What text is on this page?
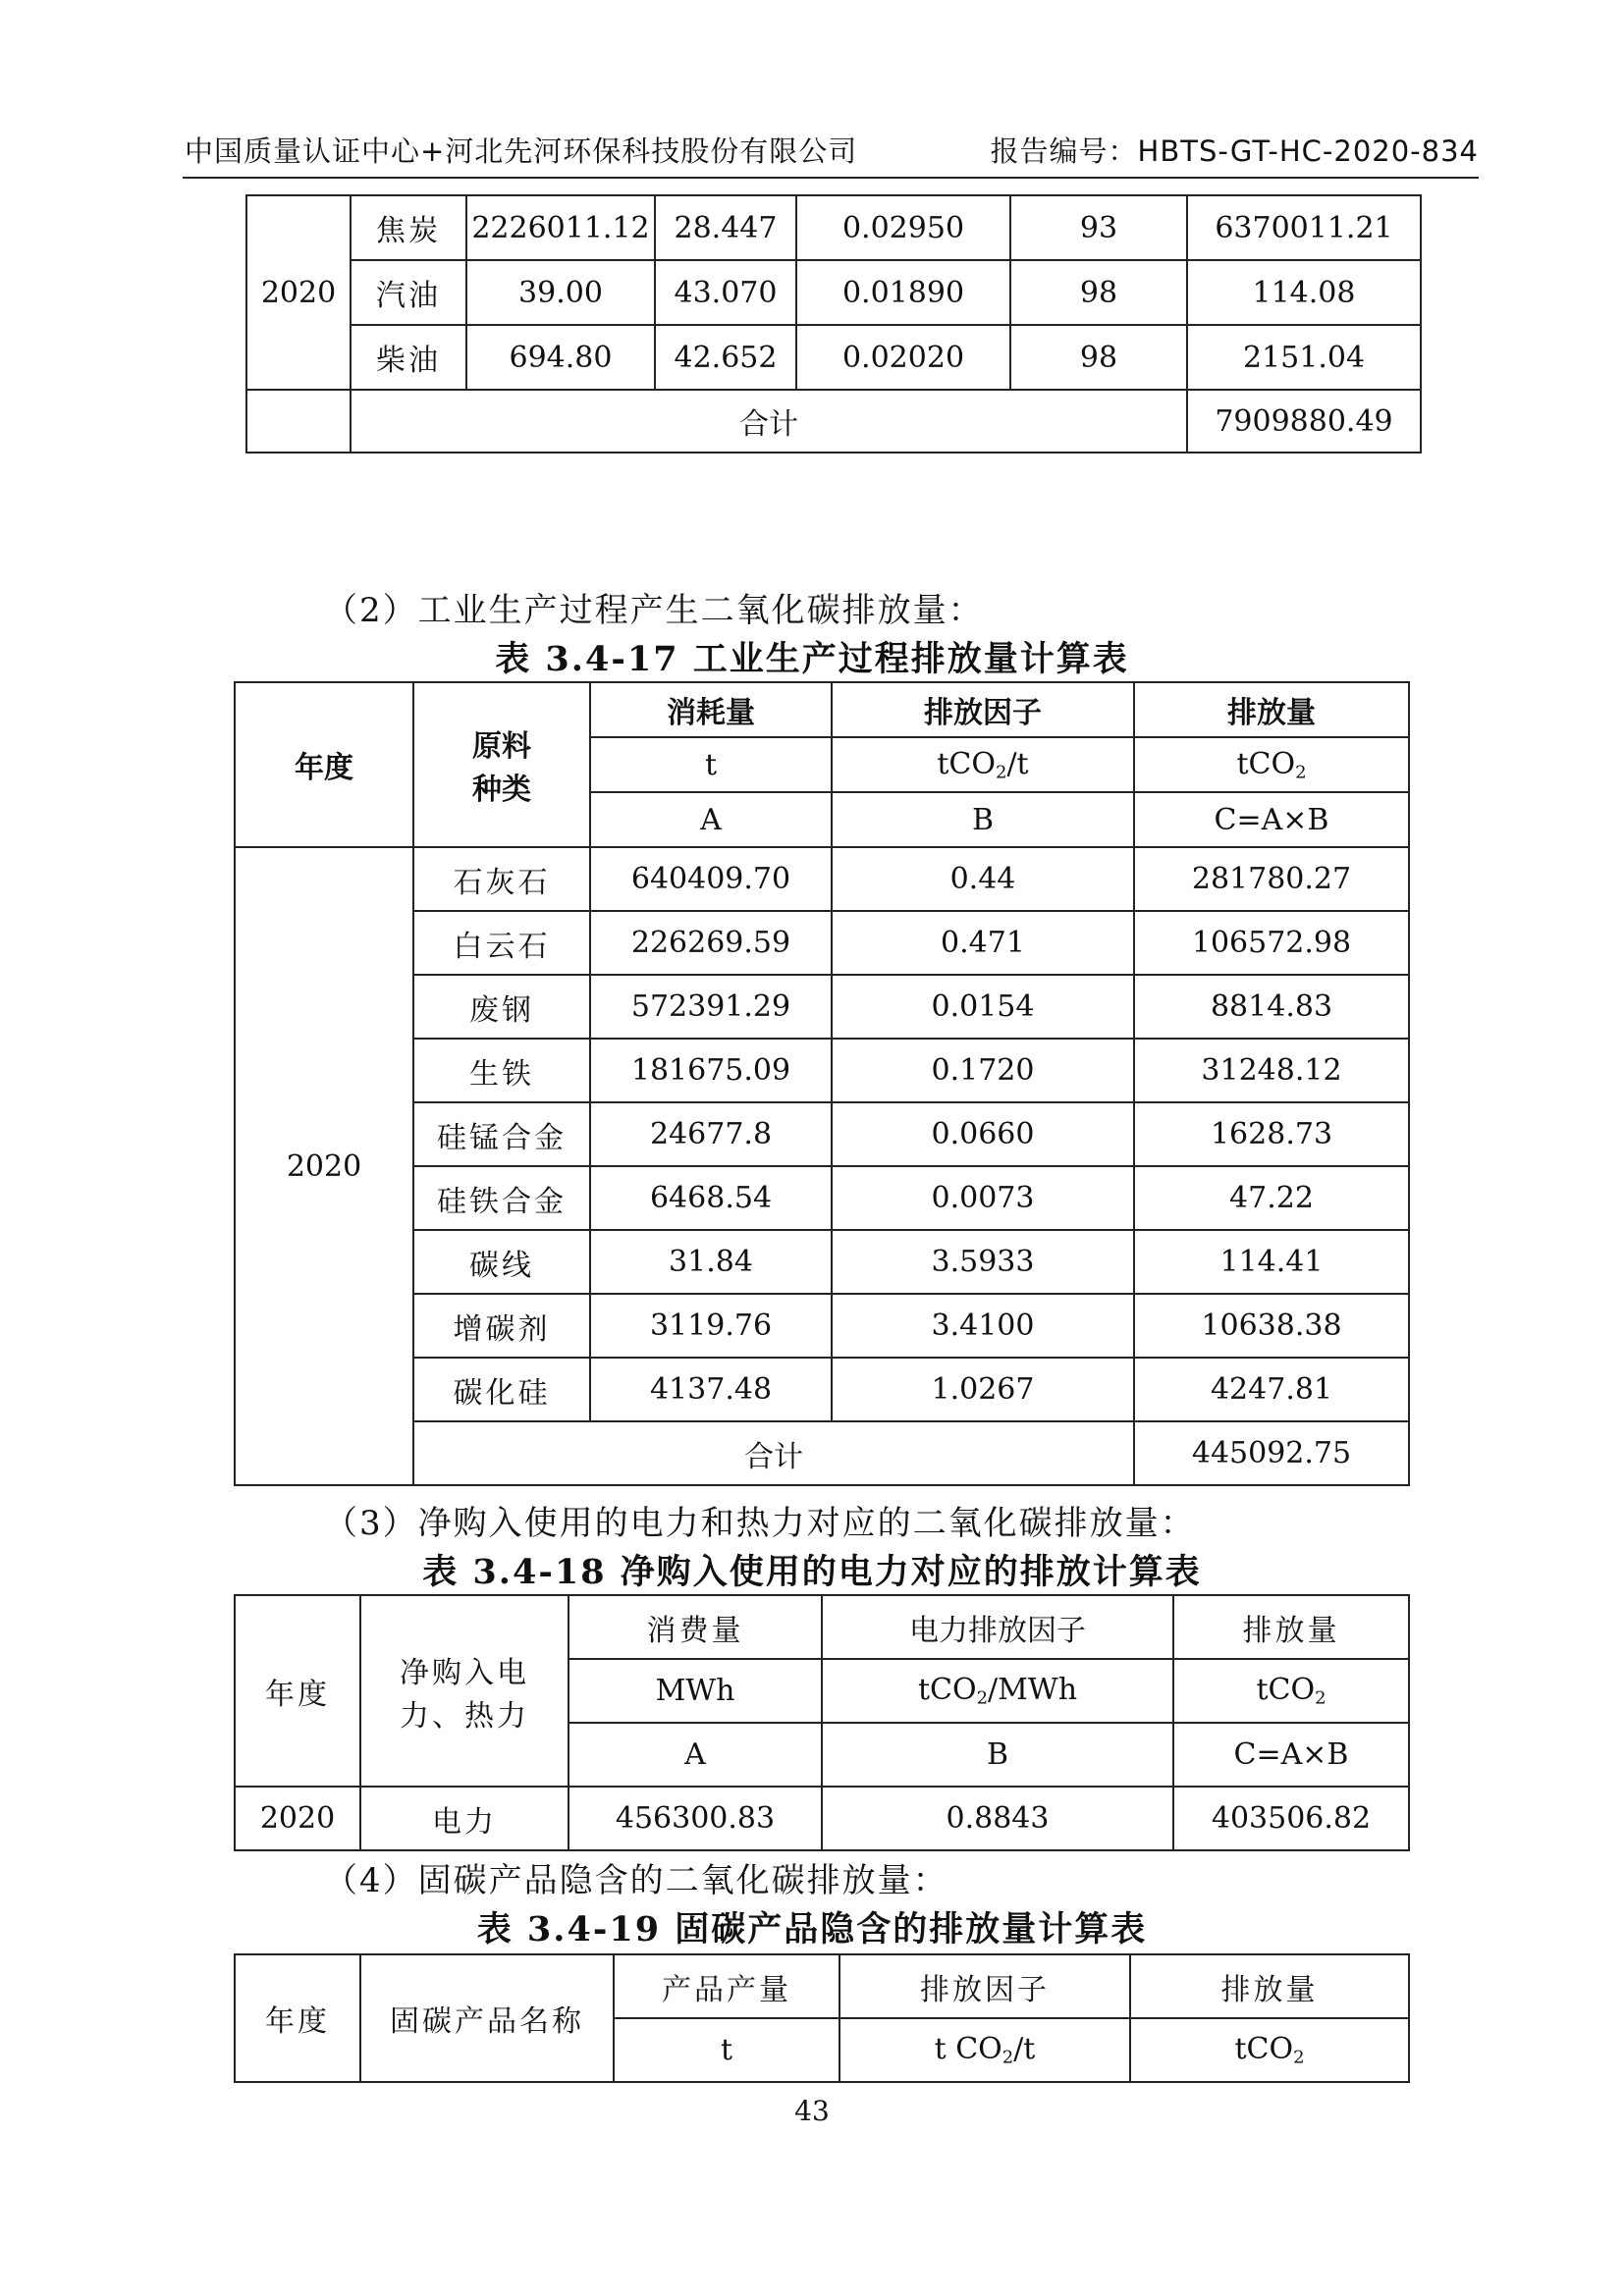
中国质量认证中心+河北先河环保科技股份有限公司	报告编号：HBTS-GT-HC-2020-834
2020	焦炭	2226011.12	28.447	0.02950	93	6370011.21
	汽油	39.00	43.070	0.01890	98	114.08
	柴油	694.80	42.652	0.02020	98	2151.04
	合计					7909880.49
（2）工业生产过程产生二氧化碳排放量：
表 3.4-17 工业生产过程排放量计算表
年度	原料种类	消耗量	排放因子	排放量
		t	tCO$_2$/t	tCO$_2$
		A	B	C=A×B
2020	石灰石	640409.70	0.44	281780.27
	白云石	226269.59	0.471	106572.98
	废钢	572391.29	0.0154	8814.83
	生铁	181675.09	0.1720	31248.12
	硅锰合金	24677.8	0.0660	1628.73
	硅铁合金	6468.54	0.0073	47.22
	碳线	31.84	3.5933	114.41
	增碳剂	3119.76	3.4100	10638.38
	碳化硅	4137.48	1.0267	4247.81
	合计			445092.75
（3）净购入使用的电力和热力对应的二氧化碳排放量：
表 3.4-18 净购入使用的电力对应的排放计算表
年度	净购入电力、热力	消费量	电力排放因子	排放量
		MWh	tCO$_2$/MWh	tCO$_2$
		A	B	C=A×B
2020	电力	456300.83	0.8843	403506.82
（4）固碳产品隐含的二氧化碳排放量：
表 3.4-19 固碳产品隐含的排放量计算表
年度	固碳产品名称	产品产量	排放因子	排放量
		t	t $CO_2/t$	tCO$_2$
43
